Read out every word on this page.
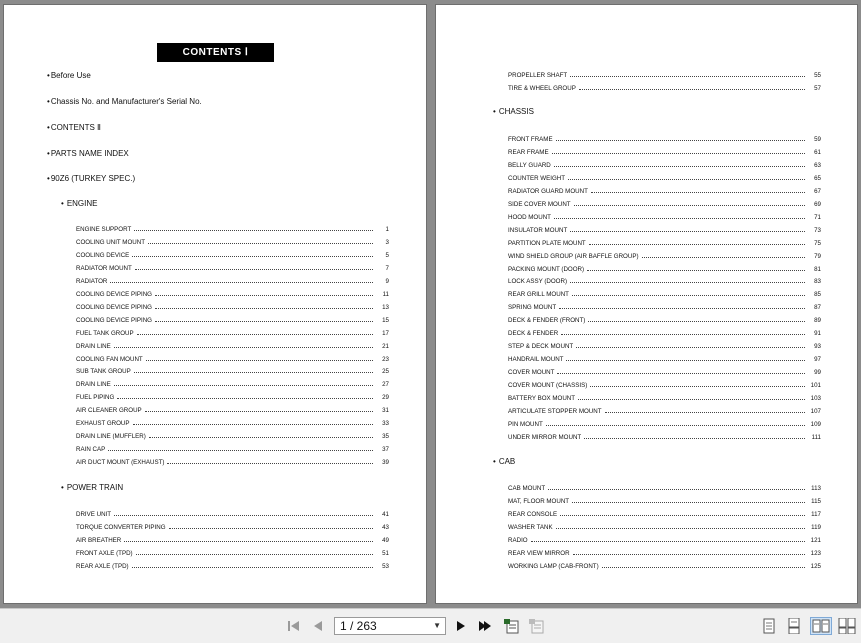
CONTENTS Ⅰ
•Before Use
•Chassis No. and Manufacturer's Serial No.
•CONTENTS Ⅱ
•PARTS NAME INDEX
•90Z6 (TURKEY SPEC.)
• ENGINE
ENGINE SUPPORT	1
COOLING UNIT MOUNT	3
COOLING DEVICE	5
RADIATOR MOUNT	7
RADIATOR	9
COOLING DEVICE PIPING	11
COOLING DEVICE PIPING	13
COOLING DEVICE PIPING	15
FUEL TANK GROUP	17
DRAIN LINE	21
COOLING FAN MOUNT	23
SUB TANK GROUP	25
DRAIN LINE	27
FUEL PIPING	29
AIR CLEANER GROUP	31
EXHAUST GROUP	33
DRAIN LINE (MUFFLER)	35
RAIN CAP	37
AIR DUCT MOUNT (EXHAUST)	39
• POWER TRAIN
DRIVE UNIT	41
TORQUE CONVERTER PIPING	43
AIR BREATHER	49
FRONT AXLE (TPD)	51
REAR AXLE (TPD)	53
PROPELLER SHAFT	55
TIRE & WHEEL GROUP	57
• CHASSIS
FRONT FRAME	59
REAR FRAME	61
BELLY GUARD	63
COUNTER WEIGHT	65
RADIATOR GUARD MOUNT	67
SIDE COVER MOUNT	69
HOOD MOUNT	71
INSULATOR MOUNT	73
PARTITION PLATE MOUNT	75
WIND SHIELD GROUP (AIR BAFFLE GROUP)	79
PACKING MOUNT (DOOR)	81
LOCK ASSY (DOOR)	83
REAR GRILL MOUNT	85
SPRING MOUNT	87
DECK & FENDER (FRONT)	89
DECK & FENDER	91
STEP & DECK MOUNT	93
HANDRAIL MOUNT	97
COVER MOUNT	99
COVER MOUNT (CHASSIS)	101
BATTERY BOX MOUNT	103
ARTICULATE STOPPER MOUNT	107
PIN MOUNT	109
UNDER MIRROR MOUNT	111
• CAB
CAB MOUNT	113
MAT, FLOOR MOUNT	115
REAR CONSOLE	117
WASHER TANK	119
RADIO	121
REAR VIEW MIRROR	123
WORKING LAMP (CAB-FRONT)	125
1 / 263	▼
